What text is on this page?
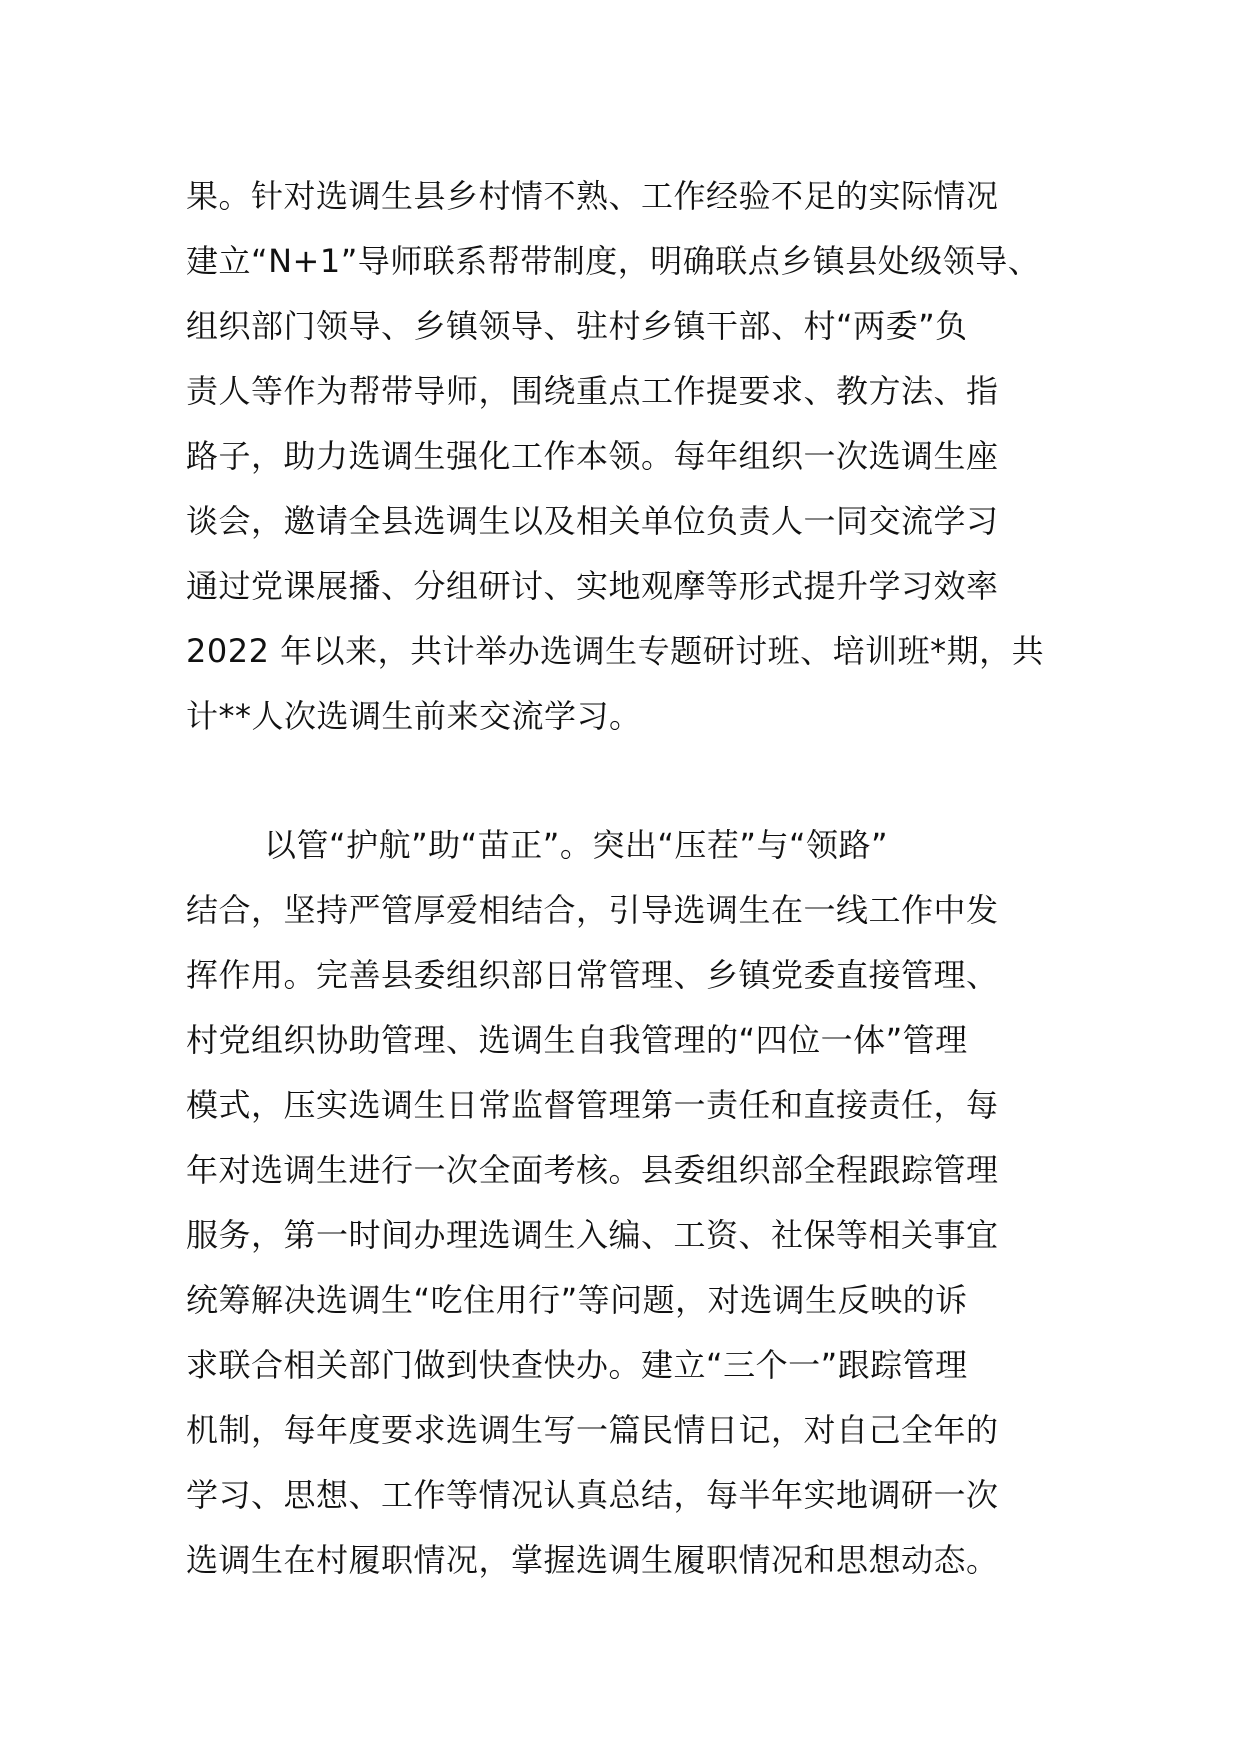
果。针对选调生县乡村情不熟、工作经验不足的实际情况
建立“N+1”导师联系帮带制度，明确联点乡镇县处级领导、
组织部门领导、乡镇领导、驻村乡镇干部、村“两委”负
责人等作为帮带导师，围绕重点工作提要求、教方法、指
路子，助力选调生强化工作本领。每年组织一次选调生座
谈会，邀请全县选调生以及相关单位负责人一同交流学习
通过党课展播、分组研讨、实地观摩等形式提升学习效率
2022 年以来，共计举办选调生专题研讨班、培训班*期，共
计**人次选调生前来交流学习。
以管“护航”助“苗正”。突出“压茬”与“领路”
结合，坚持严管厚爱相结合，引导选调生在一线工作中发
挥作用。完善县委组织部日常管理、乡镇党委直接管理、
村党组织协助管理、选调生自我管理的“四位一体”管理
模式，压实选调生日常监督管理第一责任和直接责任，每
年对选调生进行一次全面考核。县委组织部全程跟踪管理
服务，第一时间办理选调生入编、工资、社保等相关事宜
统筹解决选调生“吃住用行”等问题，对选调生反映的诉
求联合相关部门做到快查快办。建立“三个一”跟踪管理
机制，每年度要求选调生写一篇民情日记，对自己全年的
学习、思想、工作等情况认真总结，每半年实地调研一次
选调生在村履职情况，掌握选调生履职情况和思想动态。
